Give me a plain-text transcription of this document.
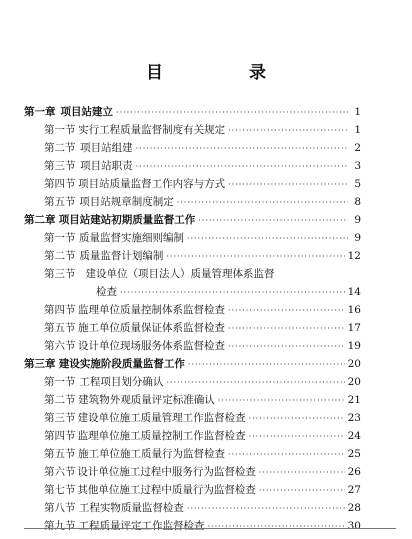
目 录
第一章 项目站建立 ·····	1
第一节 实行工程质量监督制度有关规定 ·····	1
第二节 项目站组建 ·····	2
第三节 项目站职责 ·····	3
第四节 项目站质量监督工作内容与方式 ·····	5
第五节 项目站规章制度制定 ·····	8
第二章 项目站建站初期质量监督工作 ·····	9
第一节 质量监督实施细则编制 ·····	9
第二节 质量监督计划编制 ·····	12
第三节 建设单位（项目法人）质量管理体系监督
检查 ·····	14
第四节 监理单位质量控制体系监督检查 ·····	16
第五节 施工单位质量保证体系监督检查 ·····	17
第六节 设计单位现场服务体系监督检查 ·····	19
第三章 建设实施阶段质量监督工作 ·····	20
第一节 工程项目划分确认 ·····	20
第二节 建筑物外观质量评定标准确认 ·····	21
第三节 建设单位施工质量管理工作监督检查 ·····	23
第四节 监理单位施工质量控制工作监督检查 ·····	24
第五节 施工单位施工质量行为监督检查 ·····	25
第六节 设计单位施工过程中服务行为监督检查 ·····	26
第七节 其他单位施工过程中质量行为监督检查 ·····	27
第八节 工程实物质量监督检查 ·····	28
第九节 工程质量评定工作监督检查 ·····	30
